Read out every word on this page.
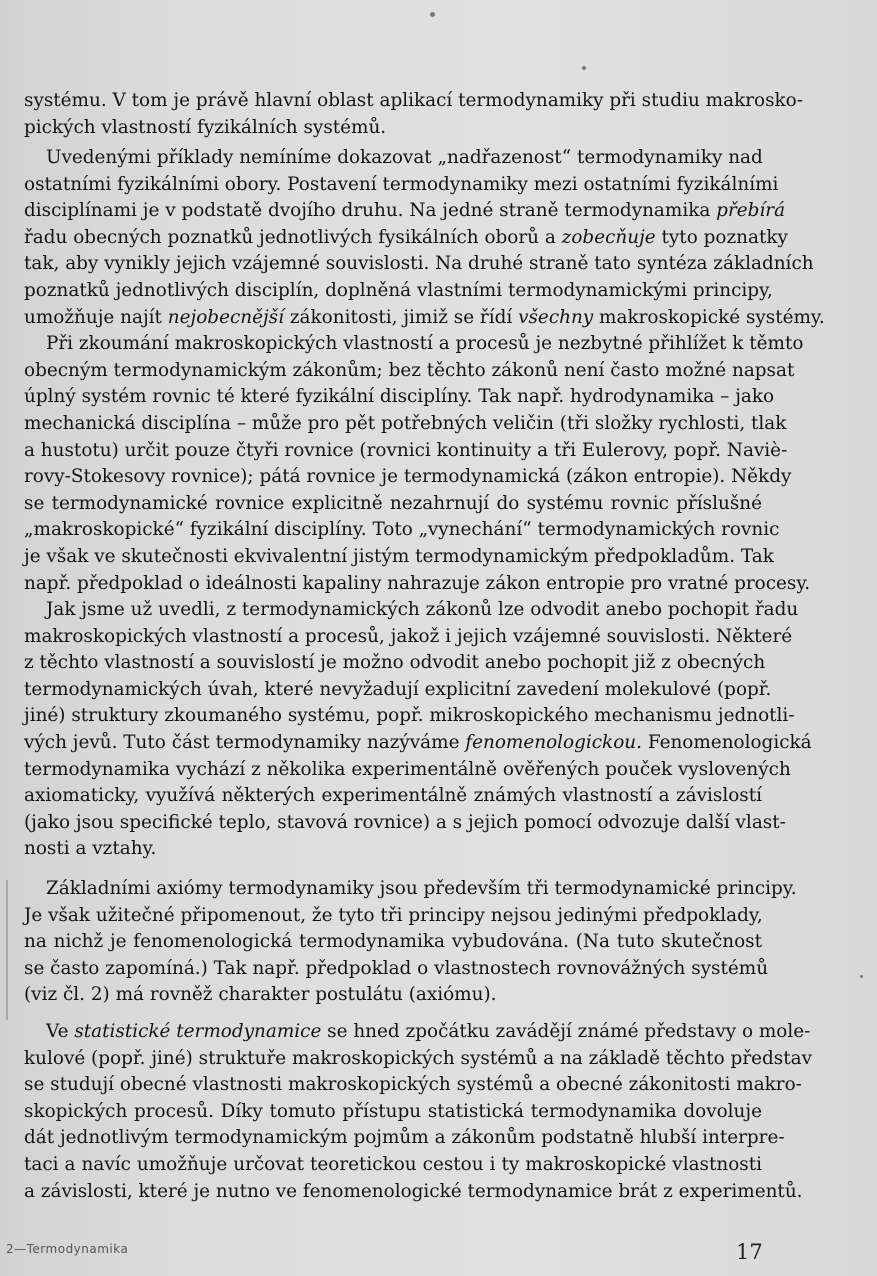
systému. V tom je právě hlavní oblast aplikací termodynamiky při studiu makrosko-
pických vlastností fyzikálních systémů.
Uvedenými příklady nemíníme dokazovat „nadřazenost“ termodynamiky nad
ostatními fyzikálními obory. Postavení termodynamiky mezi ostatními fyzikálními
disciplínami je v podstatě dvojího druhu. Na jedné straně termodynamika přebírá
řadu obecných poznatků jednotlivých fysikálních oborů a zobecňuje tyto poznatky
tak, aby vynikly jejich vzájemné souvislosti. Na druhé straně tato syntéza základních
poznatků jednotlivých disciplín, doplněná vlastními termodynamickými principy,
umožňuje najít nejobecnější zákonitosti, jimiž se řídí všechny makroskopické systémy.
Při zkoumání makroskopických vlastností a procesů je nezbytné přihlížet k těmto
obecným termodynamickým zákonům; bez těchto zákonů není často možné napsat
úplný systém rovnic té které fyzikální disciplíny. Tak např. hydrodynamika – jako
mechanická disciplína – může pro pět potřebných veličin (tři složky rychlosti, tlak
a hustotu) určit pouze čtyři rovnice (rovnici kontinuity a tři Eulerovy, popř. Naviè-
rovy-Stokesovy rovnice); pátá rovnice je termodynamická (zákon entropie). Někdy
se termodynamické rovnice explicitně nezahrnují do systému rovnic příslušné
„makroskopické“ fyzikální disciplíny. Toto „vynechání“ termodynamických rovnic
je však ve skutečnosti ekvivalentní jistým termodynamickým předpokladům. Tak
např. předpoklad o ideálnosti kapaliny nahrazuje zákon entropie pro vratné procesy.
Jak jsme už uvedli, z termodynamických zákonů lze odvodit anebo pochopit řadu
makroskopických vlastností a procesů, jakož i jejich vzájemné souvislosti. Některé
z těchto vlastností a souvislostí je možno odvodit anebo pochopit již z obecných
termodynamických úvah, které nevyžadují explicitní zavedení molekulové (popř.
jiné) struktury zkoumaného systému, popř. mikroskopického mechanismu jednotli-
vých jevů. Tuto část termodynamiky nazýváme fenomenologickou. Fenomenologická
termodynamika vychází z několika experimentálně ověřených pouček vyslovených
axiomaticky, využívá některých experimentálně známých vlastností a závislostí
(jako jsou specifické teplo, stavová rovnice) a s jejich pomocí odvozuje další vlast-
nosti a vztahy.
Základními axiómy termodynamiky jsou především tři termodynamické principy.
Je však užitečné připomenout, že tyto tři principy nejsou jedinými předpoklady,
na nichž je fenomenologická termodynamika vybudována. (Na tuto skutečnost
se často zapomíná.) Tak např. předpoklad o vlastnostech rovnovážných systémů
(viz čl. 2) má rovněž charakter postulátu (axiómu).
Ve statistické termodynamice se hned zpočátku zavádějí známé představy o mole-
kulové (popř. jiné) struktuře makroskopických systémů a na základě těchto představ
se studují obecné vlastnosti makroskopických systémů a obecné zákonitosti makro-
skopických procesů. Díky tomuto přístupu statistická termodynamika dovoluje
dát jednotlivým termodynamickým pojmům a zákonům podstatně hlubší interpre-
taci a navíc umožňuje určovat teoretickou cestou i ty makroskopické vlastnosti
a závislosti, které je nutno ve fenomenologické termodynamice brát z experimentů.
2—Termodynamika	17
